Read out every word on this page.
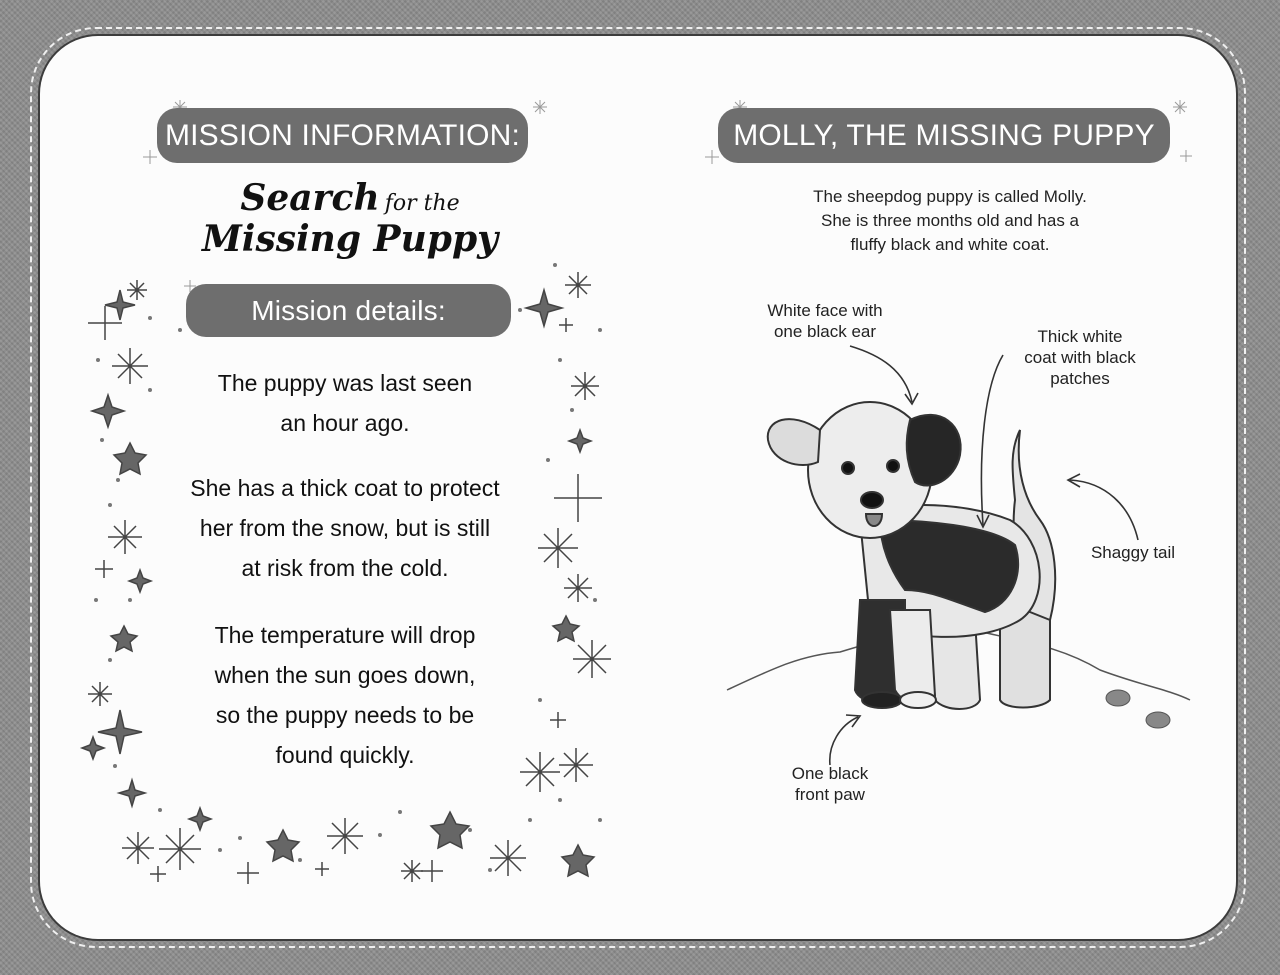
MISSION INFORMATION:
Search for the
Missing Puppy
Mission details:
The puppy was last seen
an hour ago.
She has a thick coat to protect
her from the snow, but is still
at risk from the cold.
The temperature will drop
when the sun goes down,
so the puppy needs to be
found quickly.
MOLLY, THE MISSING PUPPY
The sheepdog puppy is called Molly.
She is three months old and has a
fluffy black and white coat.
White face with
one black ear	Thick white
coat with black
patches
Shaggy tail
One black
front paw
